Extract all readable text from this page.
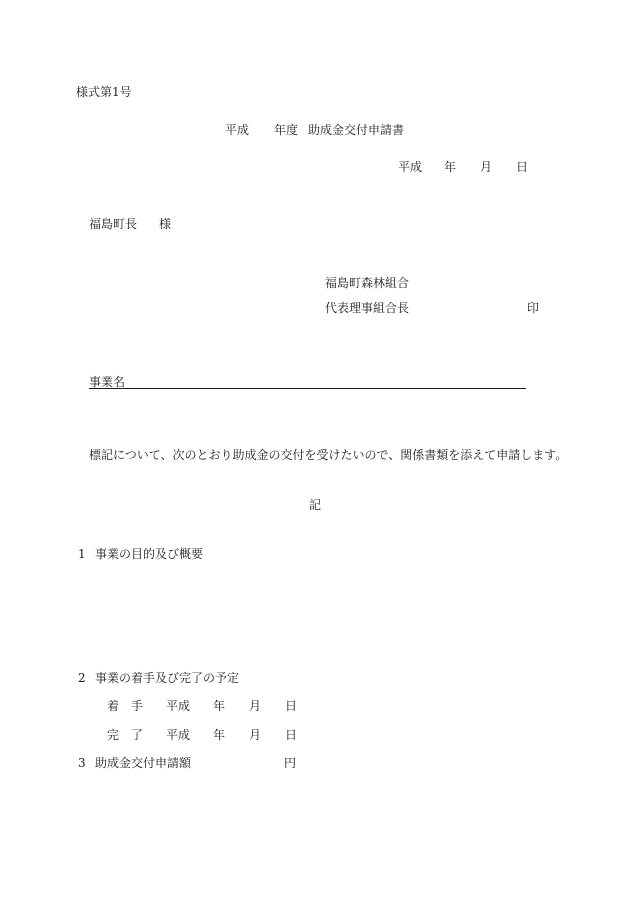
様式第1号
平成 年度 助成金交付申請書
平成 年 月 日
福島町長 様
福島町森林組合
代表理事組合長	印
事業名
標記について、次のとおり助成金の交付を受けたいので、関係書類を添えて申請します。
記
1 事業の目的及び概要
2 事業の着手及び完了の予定
着　手 平成 年 月 日
完　了 平成 年 月 日
3 助成金交付申請額	円
